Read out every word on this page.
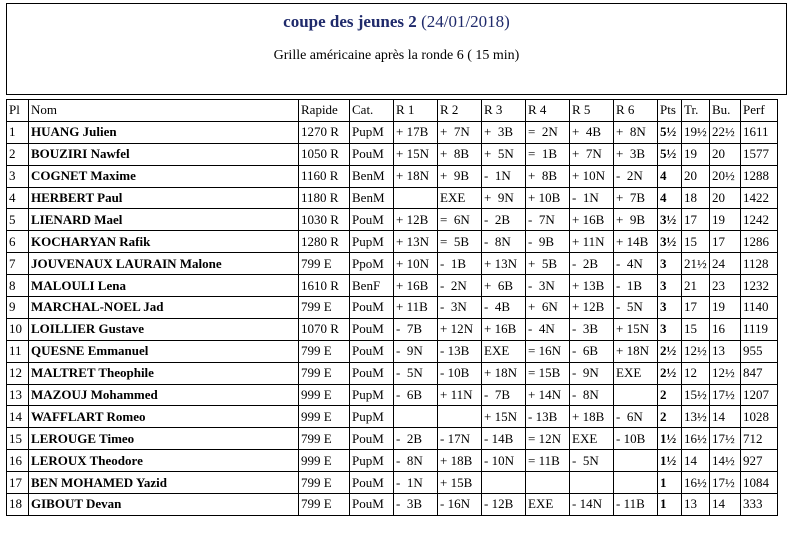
coupe des jeunes 2 (24/01/2018)
Grille américaine après la ronde 6 ( 15 min)
Pl	Nom	Rapide	Cat.	R 1	R 2	R 3	R 4	R 5	R 6	Pts	Tr.	Bu.	Perf
1	HUANG Julien	1270 R	PupM	+ 17B	+  7N	+  3B	=  2N	+  4B	+  8N	5½	19½	22½	1611
2	BOUZIRI Nawfel	1050 R	PouM	+ 15N	+  8B	+  5N	=  1B	+  7N	+  3B	5½	19	20	1577
3	COGNET Maxime	1160 R	BenM	+ 18N	+  9B	-  1N	+  8B	+ 10N	-  2N	4	20	20½	1288
4	HERBERT Paul	1180 R	BenM		EXE	+  9N	+ 10B	-  1N	+  7B	4	18	20	1422
5	LIENARD Mael	1030 R	PouM	+ 12B	=  6N	-  2B	-  7N	+ 16B	+  9B	3½	17	19	1242
6	KOCHARYAN Rafik	1280 R	PupM	+ 13N	=  5B	-  8N	-  9B	+ 11N	+ 14B	3½	15	17	1286
7	JOUVENAUX LAURAIN Malone	799 E	PpoM	+ 10N	-  1B	+ 13N	+  5B	-  2B	-  4N	3	21½	24	1128
8	MALOULI Lena	1610 R	BenF	+ 16B	-  2N	+  6B	-  3N	+ 13B	-  1B	3	21	23	1232
9	MARCHAL-NOEL Jad	799 E	PouM	+ 11B	-  3N	-  4B	+  6N	+ 12B	-  5N	3	17	19	1140
10	LOILLIER Gustave	1070 R	PouM	-  7B	+ 12N	+ 16B	-  4N	-  3B	+ 15N	3	15	16	1119
11	QUESNE Emmanuel	799 E	PouM	-  9N	- 13B	EXE	= 16N	-  6B	+ 18N	2½	12½	13	955
12	MALTRET Theophile	799 E	PouM	-  5N	- 10B	+ 18N	= 15B	-  9N	EXE	2½	12	12½	847
13	MAZOUJ Mohammed	999 E	PupM	-  6B	+ 11N	-  7B	+ 14N	-  8N		2	15½	17½	1207
14	WAFFLART Romeo	999 E	PupM			+ 15N	- 13B	+ 18B	-  6N	2	13½	14	1028
15	LEROUGE Timeo	799 E	PouM	-  2B	- 17N	- 14B	= 12N	EXE	- 10B	1½	16½	17½	712
16	LEROUX Theodore	999 E	PupM	-  8N	+ 18B	- 10N	= 11B	-  5N		1½	14	14½	927
17	BEN MOHAMED Yazid	799 E	PouM	-  1N	+ 15B					1	16½	17½	1084
18	GIBOUT Devan	799 E	PouM	-  3B	- 16N	- 12B	EXE	- 14N	- 11B	1	13	14	333
